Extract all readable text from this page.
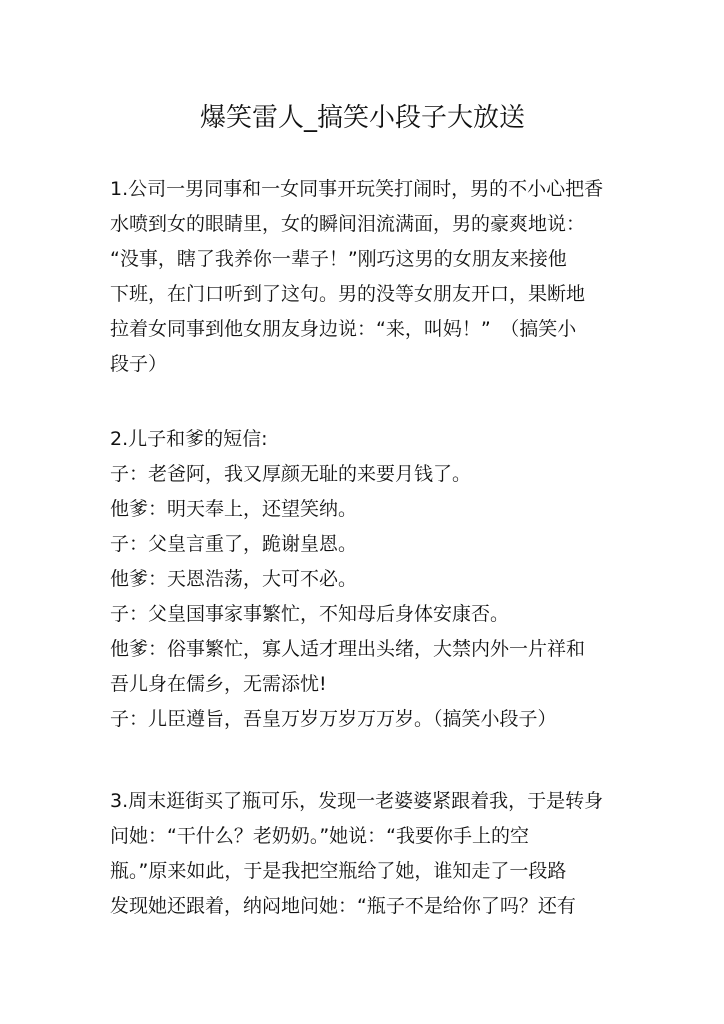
爆笑雷人_搞笑小段子大放送
1.公司一男同事和一女同事开玩笑打闹时，男的不小心把香
水喷到女的眼睛里，女的瞬间泪流满面，男的豪爽地说：
“没事，瞎了我养你一辈子！”刚巧这男的女朋友来接他
下班，在门口听到了这句。男的没等女朋友开口，果断地
拉着女同事到他女朋友身边说：“来，叫妈！”　（搞笑小
段子）
2.儿子和爹的短信:
子：老爸阿，我又厚颜无耻的来要月钱了。
他爹：明天奉上，还望笑纳。
子：父皇言重了，跪谢皇恩。
他爹：天恩浩荡，大可不必。
子：父皇国事家事繁忙，不知母后身体安康否。
他爹：俗事繁忙，寡人适才理出头绪，大禁内外一片祥和
吾儿身在儒乡，无需添忧!
子：儿臣遵旨，吾皇万岁万岁万万岁。（搞笑小段子）
3.周末逛街买了瓶可乐，发现一老婆婆紧跟着我，于是转身
问她：“干什么？老奶奶。”她说：“我要你手上的空
瓶。”原来如此，于是我把空瓶给了她，谁知走了一段路
发现她还跟着，纳闷地问她：“瓶子不是给你了吗？还有
